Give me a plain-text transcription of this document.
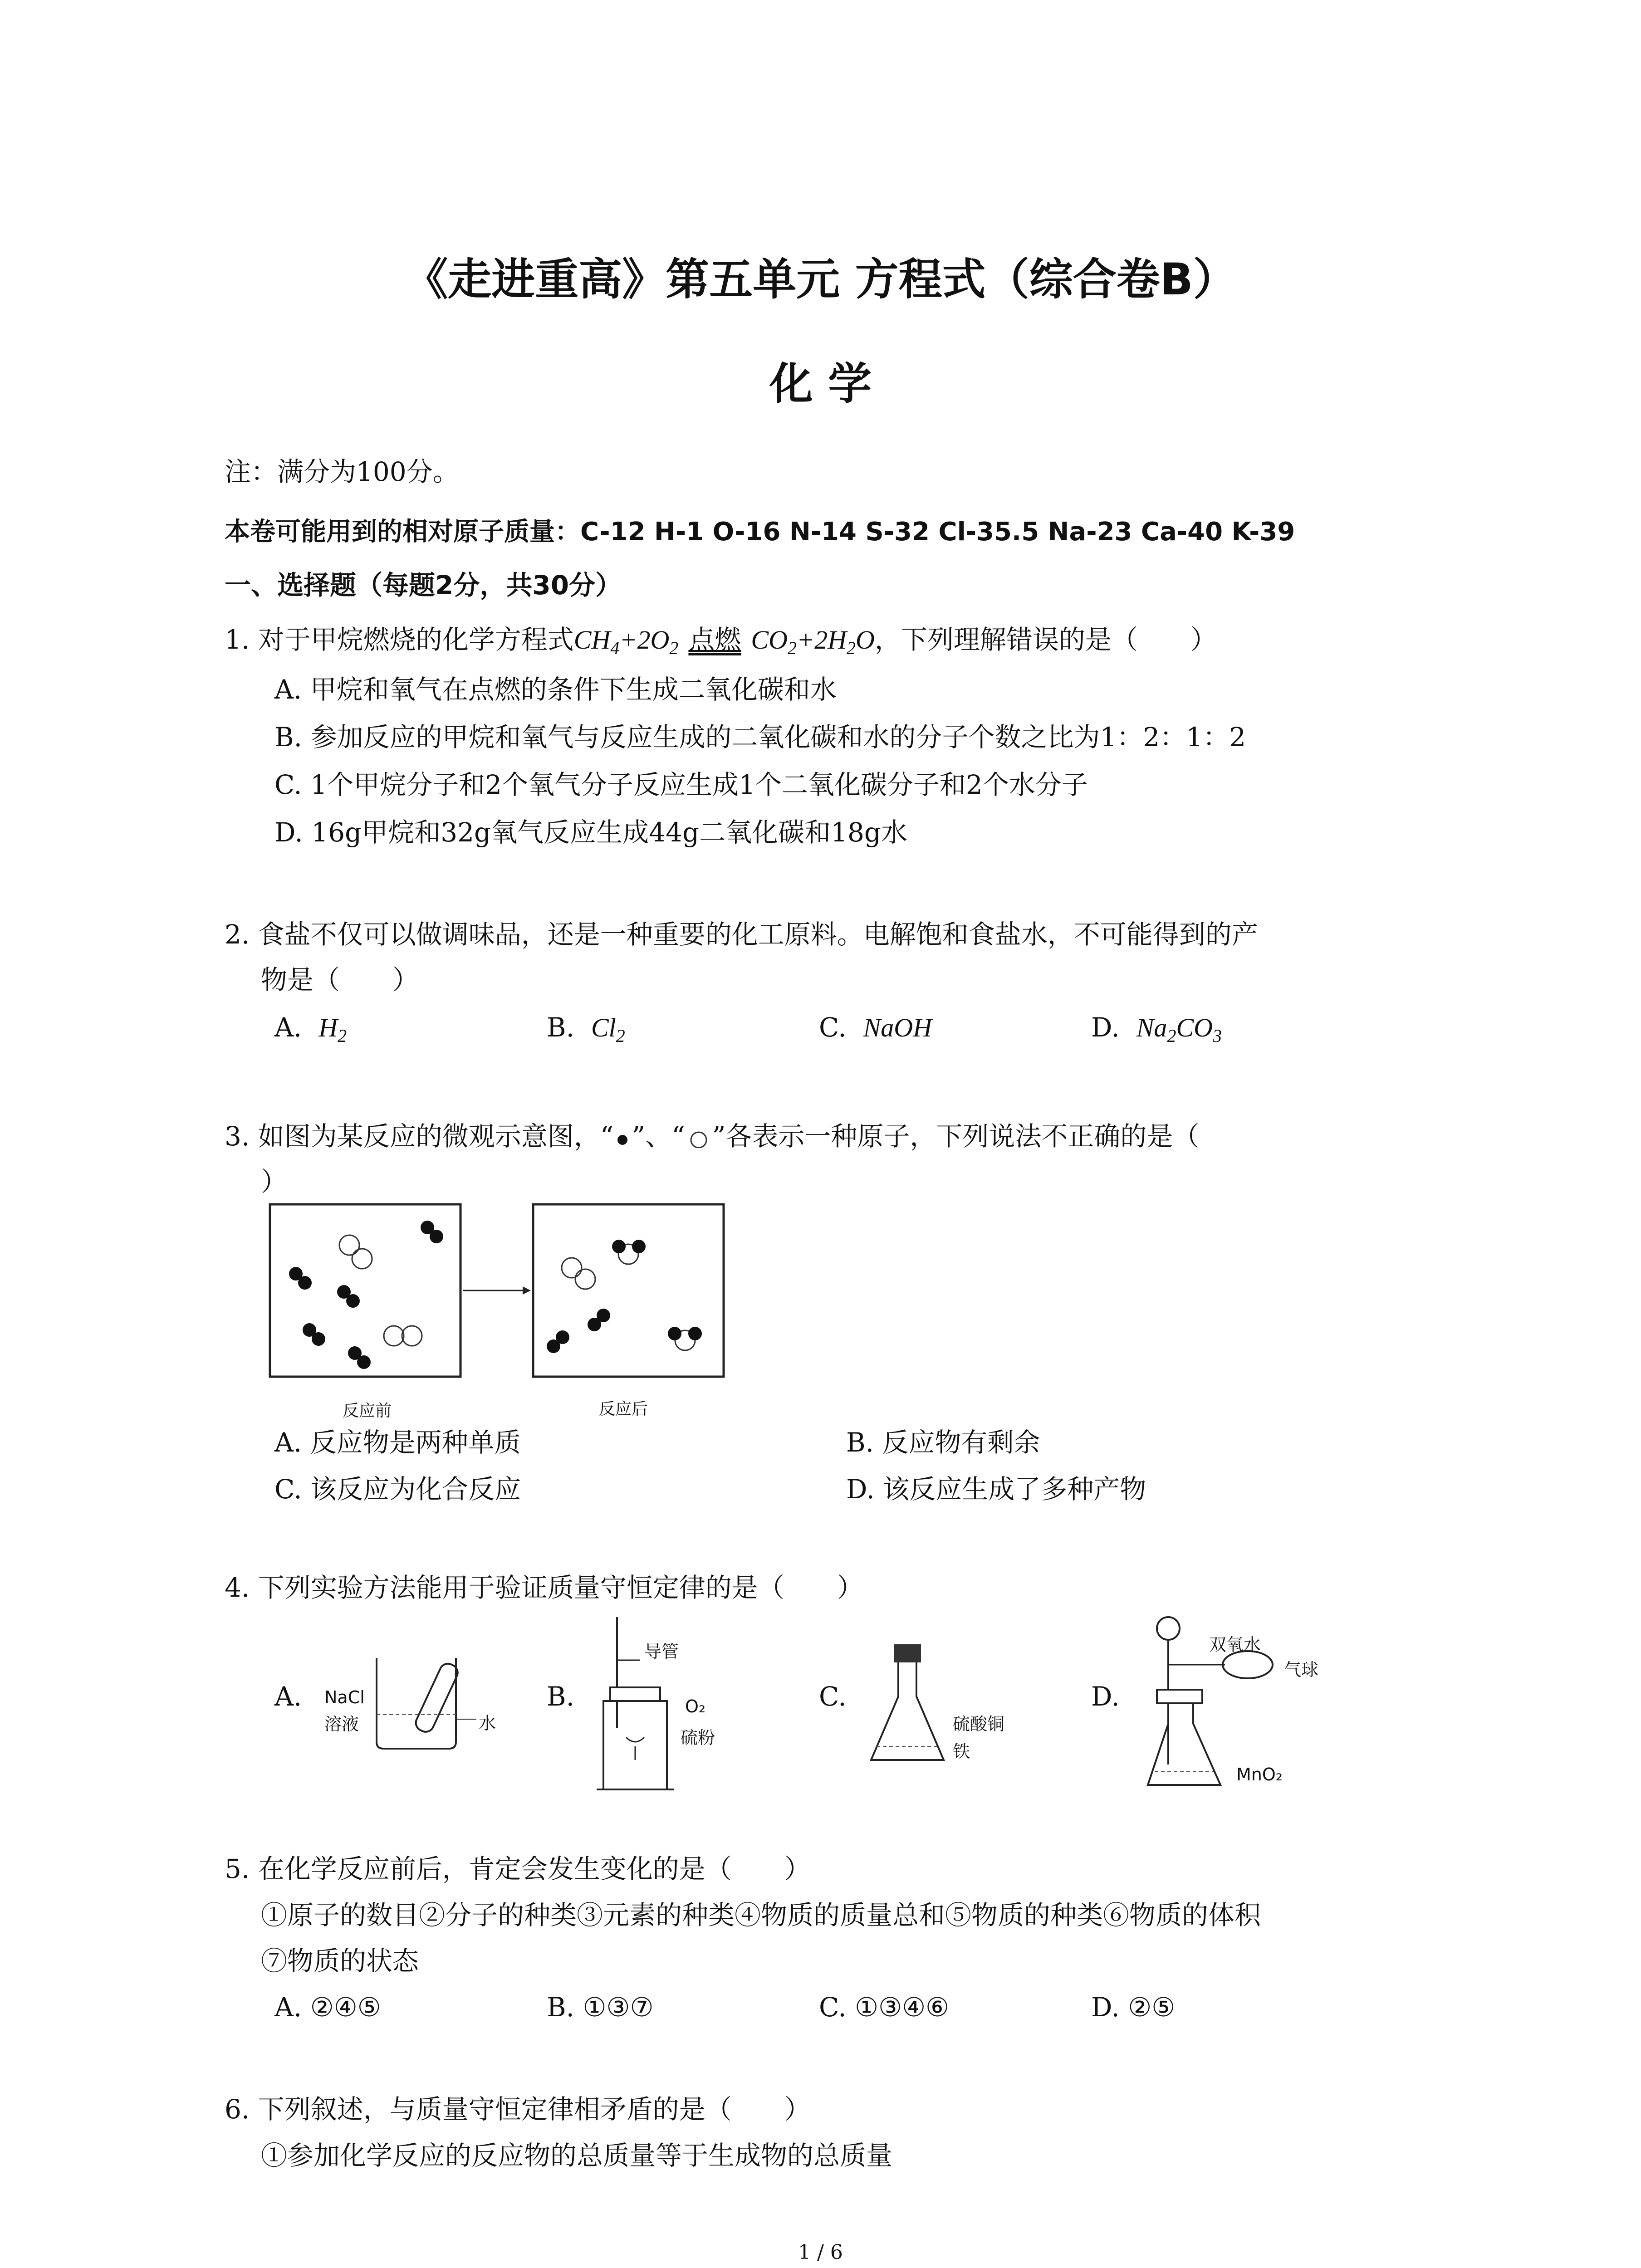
《走进重高》第五单元 方程式（综合卷B）
化 学
注：满分为100分。
本卷可能用到的相对原子质量：C-12 H-1 O-16 N-14 S-32 Cl-35.5 Na-23 Ca-40 K-39
一、选择题（每题2分，共30分）
1. 对于甲烷燃烧的化学方程式$CH_4+2O_2$ 点燃 $CO_2+2H_2O$，下列理解错误的是（　　）
A. 甲烷和氧气在点燃的条件下生成二氧化碳和水
B. 参加反应的甲烷和氧气与反应生成的二氧化碳和水的分子个数之比为1：2：1：2
C. 1个甲烷分子和2个氧气分子反应生成1个二氧化碳分子和2个水分子
D. 16g甲烷和32g氧气反应生成44g二氧化碳和18g水
2. 食盐不仅可以做调味品，还是一种重要的化工原料。电解饱和食盐水，不可能得到的产
物是（　　）
A. $H_2$	B. $Cl_2$	C. NaOH	D. $Na_2CO_3$
3. 如图为某反应的微观示意图，“ ”、“ ”各表示一种原子，下列说法不正确的是（
）
反应前	反应后
A. 反应物是两种单质	B. 反应物有剩余
C. 该反应为化合反应	D. 该反应生成了多种产物
4. 下列实验方法能用于验证质量守恒定律的是（　　）
A. NaCl
溶液	水
B.
导管
O₂
硫粉
C.
硫酸铜
铁
D.
双氧水
气球
MnO₂
5. 在化学反应前后，肯定会发生变化的是（　　）
①原子的数目②分子的种类③元素的种类④物质的质量总和⑤物质的种类⑥物质的体积
⑦物质的状态
A. ②④⑤	B. ①③⑦	C. ①③④⑥	D. ②⑤
6. 下列叙述，与质量守恒定律相矛盾的是（　　）
①参加化学反应的反应物的总质量等于生成物的总质量
1 / 6
